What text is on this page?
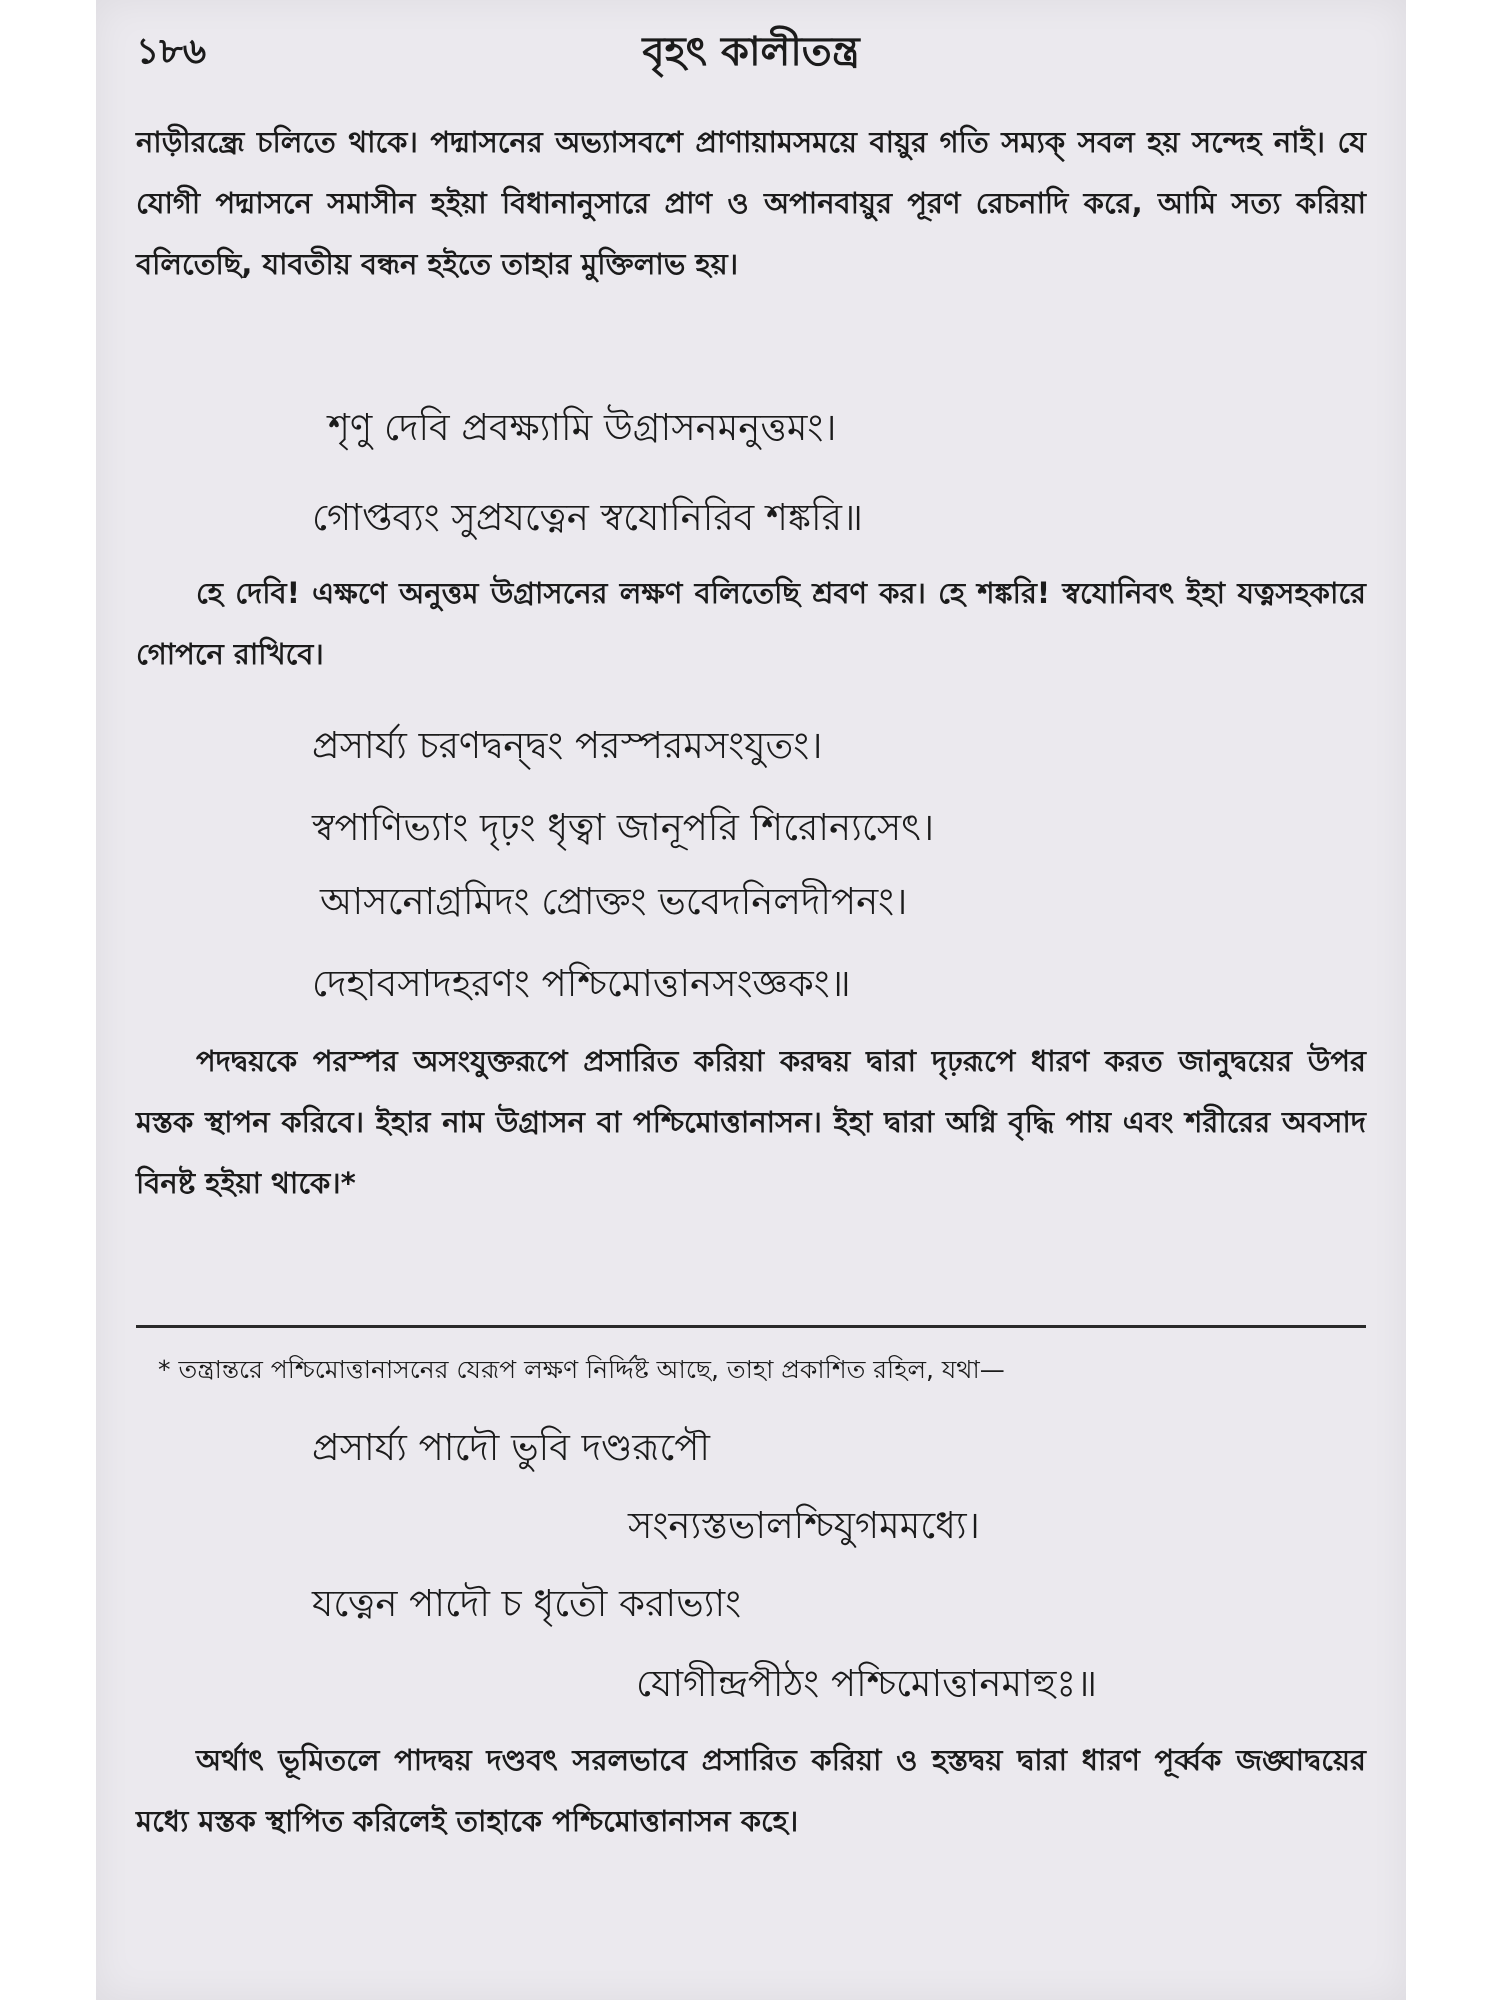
১৮৬	বৃহৎ কালীতন্ত্র

নাড়ীরন্ধ্রে চলিতে থাকে। পদ্মাসনের অভ্যাসবশে প্রাণায়ামসময়ে বায়ুর গতি সম্যক্ সবল হয় সন্দেহ নাই। যে যোগী পদ্মাসনে সমাসীন হইয়া বিধানানুসারে প্রাণ ও অপানবায়ুর পূরণ রেচনাদি করে, আমি সত্য করিয়া বলিতেছি, যাবতীয় বন্ধন হইতে তাহার মুক্তিলাভ হয়।

শৃণু দেবি প্রবক্ষ্যামি উগ্রাসনমনুত্তমং।
গোপ্তব্যং সুপ্রযত্নেন স্বযোনিরিব শঙ্করি॥

হে দেবি! এক্ষণে অনুত্তম উগ্রাসনের লক্ষণ বলিতেছি শ্রবণ কর। হে শঙ্করি! স্বযোনিবৎ ইহা যত্নসহকারে গোপনে রাখিবে।

প্রসার্য্য চরণদ্বন্দ্বং পরস্পরমসংযুতং।
স্বপাণিভ্যাং দৃঢ়ং ধৃত্বা জানূপরি শিরোন্যসেৎ।
আসনোগ্রমিদং প্রোক্তং ভবেদনিলদীপনং।
দেহাবসাদহরণং পশ্চিমোত্তানসংজ্ঞকং॥

পদদ্বয়কে পরস্পর অসংযুক্তরূপে প্রসারিত করিয়া করদ্বয় দ্বারা দৃঢ়রূপে ধারণ করত জানুদ্বয়ের উপর মস্তক স্থাপন করিবে। ইহার নাম উগ্রাসন বা পশ্চিমোত্তানাসন। ইহা দ্বারা অগ্নি বৃদ্ধি পায় এবং শরীরের অবসাদ বিনষ্ট হইয়া থাকে।*

* তন্ত্রান্তরে পশ্চিমোত্তানাসনের যেরূপ লক্ষণ নির্দ্দিষ্ট আছে, তাহা প্রকাশিত রহিল, যথা—
প্রসার্য্য পাদৌ ভুবি দণ্ডরূপৌ
সংন্যস্তভালশ্চিযুগমমধ্যে।
যত্নেন পাদৌ চ ধৃতৌ করাভ্যাং
যোগীন্দ্রপীঠং পশ্চিমোত্তানমাহুঃ॥

অর্থাৎ ভূমিতলে পাদদ্বয় দণ্ডবৎ সরলভাবে প্রসারিত করিয়া ও হস্তদ্বয় দ্বারা ধারণ পূর্ব্বক জঙ্ঘাদ্বয়ের মধ্যে মস্তক স্থাপিত করিলেই তাহাকে পশ্চিমোত্তানাসন কহে।
